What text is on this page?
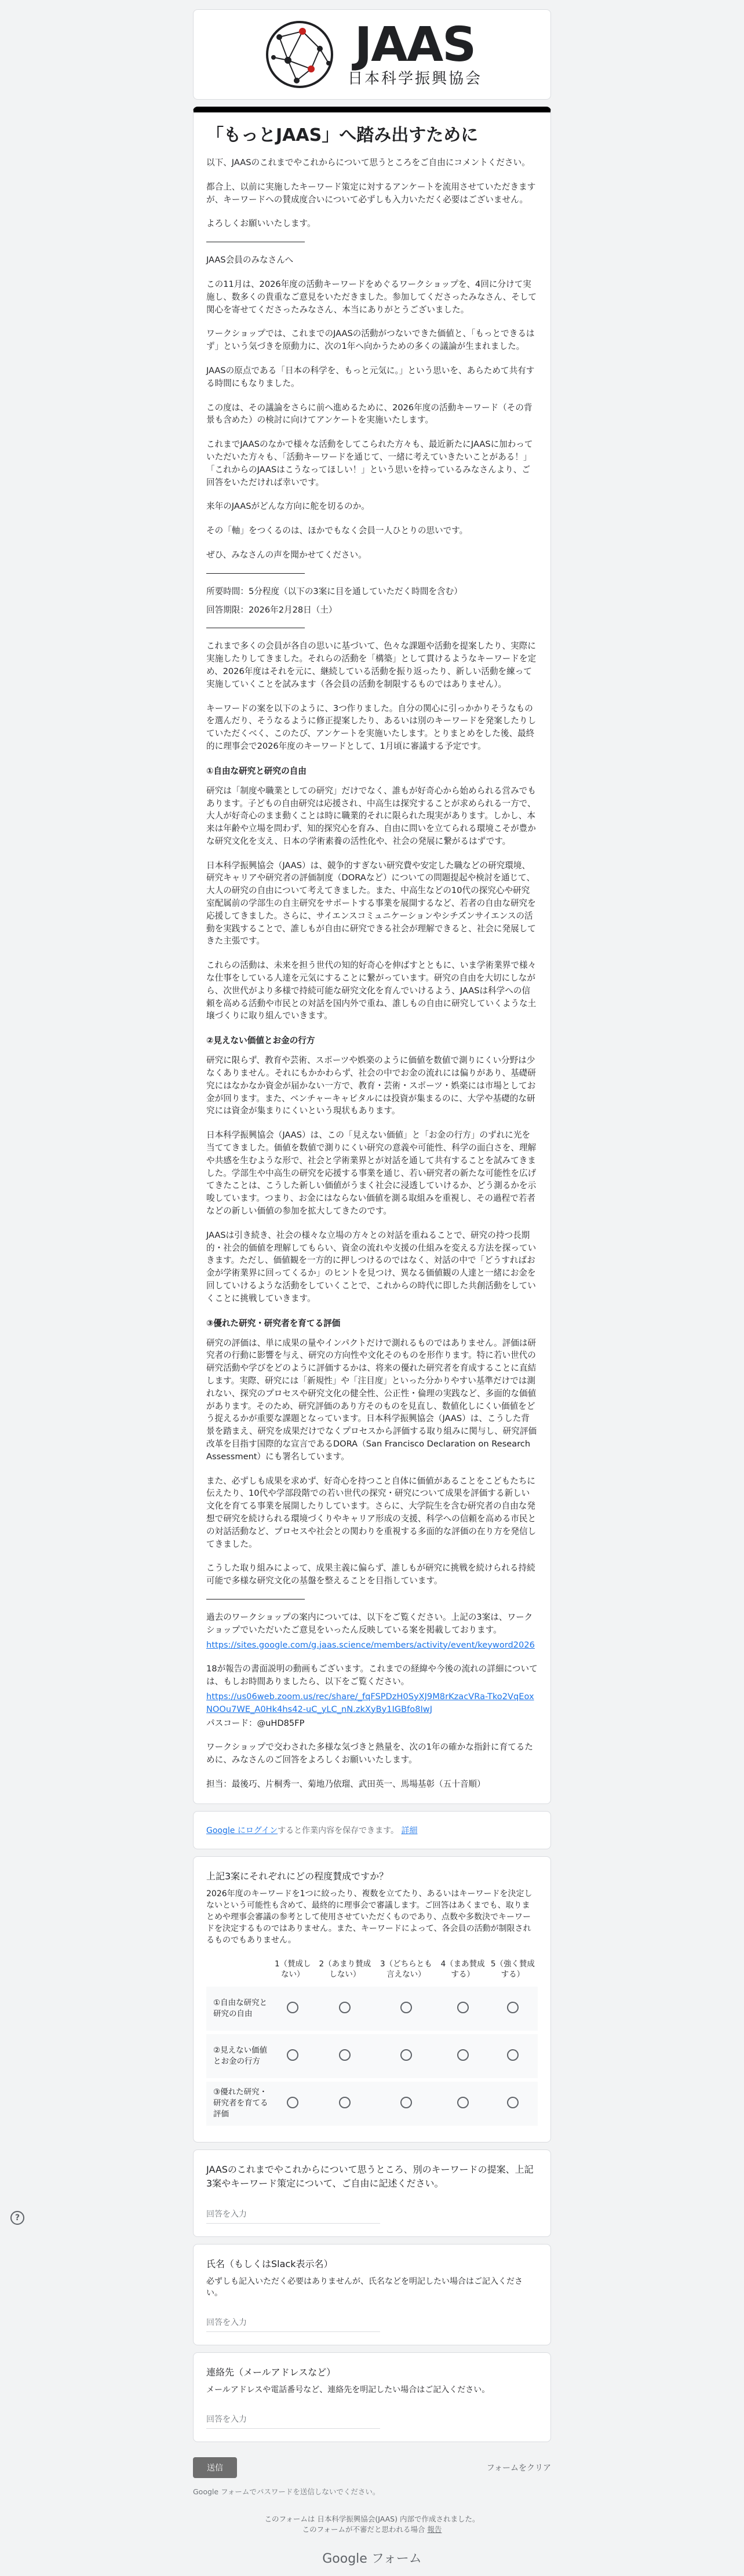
JAAS
日本科学振興協会
「もっとJAAS」へ踏み出すために

以下、JAASのこれまでやこれからについて思うところをご自由にコメントください。

都合上、以前に実施したキーワード策定に対するアンケートを流用させていただきますが、キーワードへの賛成度合いについて必ずしも入力いただく必要はございません。

よろしくお願いいたします。

JAAS会員のみなさんへ

この11月は、2026年度の活動キーワードをめぐるワークショップを、4回に分けて実施し、数多くの貴重なご意見をいただきました。参加してくださったみなさん、そして関心を寄せてくださったみなさん、本当にありがとうございました。

ワークショップでは、これまでのJAASの活動がつないできた価値と、「もっとできるはず」という気づきを原動力に、次の1年へ向かうための多くの議論が生まれました。

JAASの原点である「日本の科学を、もっと元気に。」という思いを、あらためて共有する時間にもなりました。

この度は、その議論をさらに前へ進めるために、2026年度の活動キーワード（その背景も含めた）の検討に向けてアンケートを実施いたします。

これまでJAASのなかで様々な活動をしてこられた方々も、最近新たにJAASに加わっていただいた方々も、「活動キーワードを通じて、一緒に考えていきたいことがある！」「これからのJAASはこうなってほしい！」という思いを持っているみなさんより、ご回答をいただければ幸いです。

来年のJAASがどんな方向に舵を切るのか。

その「軸」をつくるのは、ほかでもなく会員一人ひとりの思いです。

ぜひ、みなさんの声を聞かせてください。

所要時間：5分程度（以下の3案に目を通していただく時間を含む）

回答期限：2026年2月28日（土）

これまで多くの会員が各自の思いに基づいて、色々な課題や活動を提案したり、実際に実施したりしてきました。それらの活動を「構築」として貫けるようなキーワードを定め、2026年度はそれを元に、継続している活動を振り返ったり、新しい活動を練って実施していくことを試みます（各会員の活動を制限するものではありません）。

キーワードの案を以下のように、3つ作りました。自分の関心に引っかかりそうなものを選んだり、そうなるように修正提案したり、あるいは別のキーワードを発案したりしていただくべく、このたび、アンケートを実施いたします。とりまとめをした後、最終的に理事会で2026年度のキーワードとして、1月頃に審議する予定です。

①自由な研究と研究の自由

研究は「制度や職業としての研究」だけでなく、誰もが好奇心から始められる営みでもあります。子どもの自由研究は応援され、中高生は探究することが求められる一方で、大人が好奇心のまま動くことは時に職業的それに限られた現実があります。しかし、本来は年齢や立場を問わず、知的探究心を育み、自由に問いを立てられる環境こそが豊かな研究文化を支え、日本の学術素養の活性化や、社会の発展に繋がるはずです。

日本科学振興協会（JAAS）は、競争的すぎない研究費や安定した職などの研究環境、研究キャリアや研究者の評価制度（DORAなど）についての問題提起や検討を通じて、大人の研究の自由について考えてきました。また、中高生などの10代の探究心や研究室配属前の学部生の自主研究をサポートする事業を展開するなど、若者の自由な研究を応援してきました。さらに、サイエンスコミュニケーションやシチズンサイエンスの活動を実践することで、誰しもが自由に研究できる社会が理解できると、社会に発展してきた主張です。

これらの活動は、未来を担う世代の知的好奇心を伸ばすとともに、いま学術業界で様々な仕事をしている人達を元気にすることに繋がっています。研究の自由を大切にしながら、次世代がより多様で持続可能な研究文化を育んでいけるよう、JAASは科学への信頼を高める活動や市民との対話を国内外で重ね、誰しもの自由に研究していくような土壌づくりに取り組んでいきます。

②見えない価値とお金の行方

研究に限らず、教育や芸術、スポーツや娯楽のように価値を数値で測りにくい分野は少なくありません。それにもかかわらず、社会の中でお金の流れには偏りがあり、基礎研究にはなかなか資金が届かない一方で、教育・芸術・スポーツ・娯楽には市場としてお金が回ります。また、ベンチャーキャピタルには投資が集まるのに、大学や基礎的な研究には資金が集まりにくいという現状もあります。

日本科学振興協会（JAAS）は、この「見えない価値」と「お金の行方」のずれに光を当ててきました。価値を数値で測りにくい研究の意義や可能性、科学の面白さを、理解や共感を生むような形で、社会と学術業界とが対話を通して共有することを試みてきました。学部生や中高生の研究を応援する事業を通じ、若い研究者の新たな可能性を広げてきたことは、こうした新しい価値がうまく社会に浸透していけるか、どう測るかを示唆しています。つまり、お金にはならない価値を測る取組みを重視し、その過程で若者などの新しい価値の参加を拡大してきたのです。

JAASは引き続き、社会の様々な立場の方々との対話を重ねることで、研究の持つ長期的・社会的価値を理解してもらい、資金の流れや支援の仕組みを変える方法を探っていきます。ただし、価値観を一方的に押しつけるのではなく、対話の中で「どうすればお金が学術業界に回ってくるか」のヒントを見つけ、異なる価値観の人達と一緒にお金を回していけるような活動をしていくことで、これからの時代に即した共創活動をしていくことに挑戦していきます。

③優れた研究・研究者を育てる評価

研究の評価は、単に成果の量やインパクトだけで測れるものではありません。評価は研究者の行動に影響を与え、研究の方向性や文化そのものを形作ります。特に若い世代の研究活動や学びをどのように評価するかは、将来の優れた研究者を育成することに直結します。実際、研究には「新規性」や「注目度」といった分かりやすい基準だけでは測れない、探究のプロセスや研究文化の健全性、公正性・倫理の実践など、多面的な価値があります。そのため、研究評価のあり方そのものを見直し、数値化しにくい価値をどう捉えるかが重要な課題となっています。日本科学振興協会（JAAS）は、こうした背景を踏まえ、研究を成果だけでなくプロセスから評価する取り組みに関与し、研究評価改革を目指す国際的な宣言であるDORA（San Francisco Declaration on Research Assessment）にも署名しています。

また、必ずしも成果を求めず、好奇心を持つこと自体に価値があることをこどもたちに伝えたり、10代や学部段階での若い世代の探究・研究について成果を評価する新しい文化を育てる事業を展開したりしています。さらに、大学院生を含む研究者の自由な発想で研究を続けられる環境づくりやキャリア形成の支援、科学への信頼を高める市民との対話活動など、プロセスや社会との関わりを重視する多面的な評価の在り方を発信してきました。

こうした取り組みによって、成果主義に偏らず、誰しもが研究に挑戦を続けられる持続可能で多様な研究文化の基盤を整えることを目指しています。

過去のワークショップの案内については、以下をご覧ください。上記の3案は、ワークショップでいただいたご意見をいったん反映している案を掲載しております。

https://sites.google.com/g.jaas.science/members/activity/event/keyword2026

18が報告の書面説明の動画もございます。これまでの経緯や今後の流れの詳細については、もしお時間ありましたら、以下をご覧ください。

https://us06web.zoom.us/rec/share/_fqFSPDzH0SyXJ9M8rKzacVRa-Tko2VqEoxNOOu7WE_A0Hk4hs42-uC_yLC_nN.zkXyBy1IGBfo8IwJ

パスコード：@uHD85FP

ワークショップで交わされた多様な気づきと熱量を、次の1年の確かな指針に育てるために、みなさんのご回答をよろしくお願いいたします。

担当：最後巧、片桐秀一、菊地乃依瑠、武田英一、馬場基彰（五十音順）

Google にログインすると作業内容を保存できます。 詳細
上記3案にそれぞれにどの程度賛成ですか？
2026年度のキーワードを1つに絞ったり、複数を立てたり、あるいはキーワードを決定しないという可能性も含めて、最終的に理事会で審議します。ご回答はあくまでも、取りまとめや理事会審議の参考として使用させていただくものであり、点数や多数決でキーワードを決定するものではありません。また、キーワードによって、各会員の活動が制限されるものでもありません。
	1（賛成しない）	2（あまり賛成しない）	3（どちらとも言えない）	4（まあ賛成する）	5（強く賛成する）
①自由な研究と研究の自由					
②見えない価値とお金の行方					
③優れた研究・研究者を育てる評価					
JAASのこれまでやこれからについて思うところ、別のキーワードの提案、上記3案やキーワード策定について、ご自由に記述ください。
回答を入力
氏名（もしくはSlack表示名）
必ずしも記入いただく必要はありませんが、氏名などを明記したい場合はご記入ください。
回答を入力
連絡先（メールアドレスなど）
メールアドレスや電話番号など、連絡先を明記したい場合はご記入ください。
回答を入力
送信	フォームをクリア
Google フォームでパスワードを送信しないでください。
このフォームは 日本科学振興協会(JAAS) 内部で作成されました。
このフォームが不審だと思われる場合 報告
Google フォーム
?
